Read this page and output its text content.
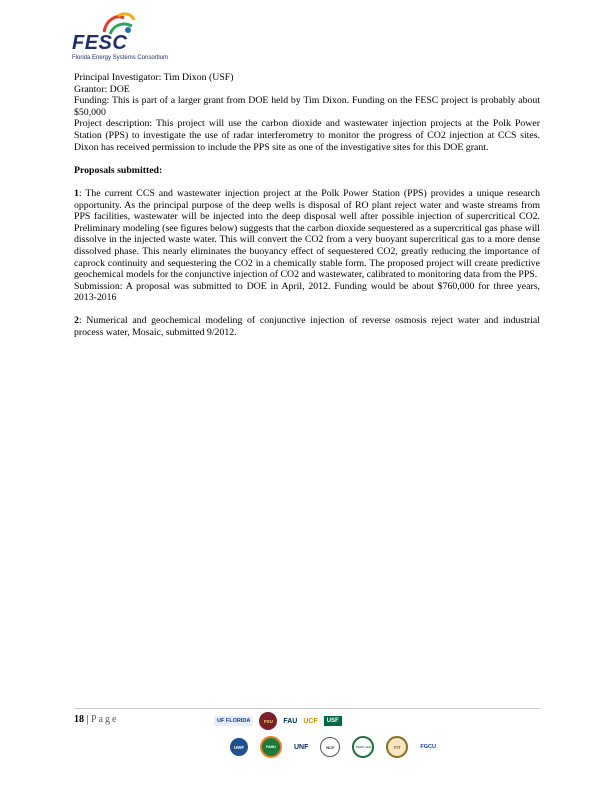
FESC
Florida Energy Systems Consortium

Principal Investigator: Tim Dixon (USF)

Grantor: DOE

Funding: This is part of a larger grant from DOE held by Tim Dixon. Funding on the FESC project is probably about $50,000

Project description: This project will use the carbon dioxide and wastewater injection projects at the Polk Power Station (PPS) to investigate the use of radar interferometry to monitor the progress of CO2 injection at CCS sites. Dixon has received permission to include the PPS site as one of the investigative sites for this DOE grant.

Proposals submitted:

1: The current CCS and wastewater injection project at the Polk Power Station (PPS) provides a unique research opportunity. As the principal purpose of the deep wells is disposal of RO plant reject water and waste streams from PPS facilities, wastewater will be injected into the deep disposal well after possible injection of supercritical CO2. Preliminary modeling (see figures below) suggests that the carbon dioxide sequestered as a supercritical gas phase will dissolve in the injected waste water. This will convert the CO2 from a very buoyant supercritical gas to a more dense dissolved phase. This nearly eliminates the buoyancy effect of sequestered CO2, greatly reducing the importance of caprock continuity and sequestering the CO2 in a chemically stable form. The proposed project will create predictive geochemical models for the conjunctive injection of CO2 and wastewater, calibrated to monitoring data from the PPS.

Submission: A proposal was submitted to DOE in April, 2012. Funding would be about $760,000 for three years, 2013-2016

2: Numerical and geochemical modeling of conjunctive injection of reverse osmosis reject water and industrial process water, Mosaic, submitted 9/2012.

18 | Page	UF FLORIDA	FSU FAU UCF	USF
UWF	FAMU	UNF	NCF	FGCU seal	FIT	FGCU
